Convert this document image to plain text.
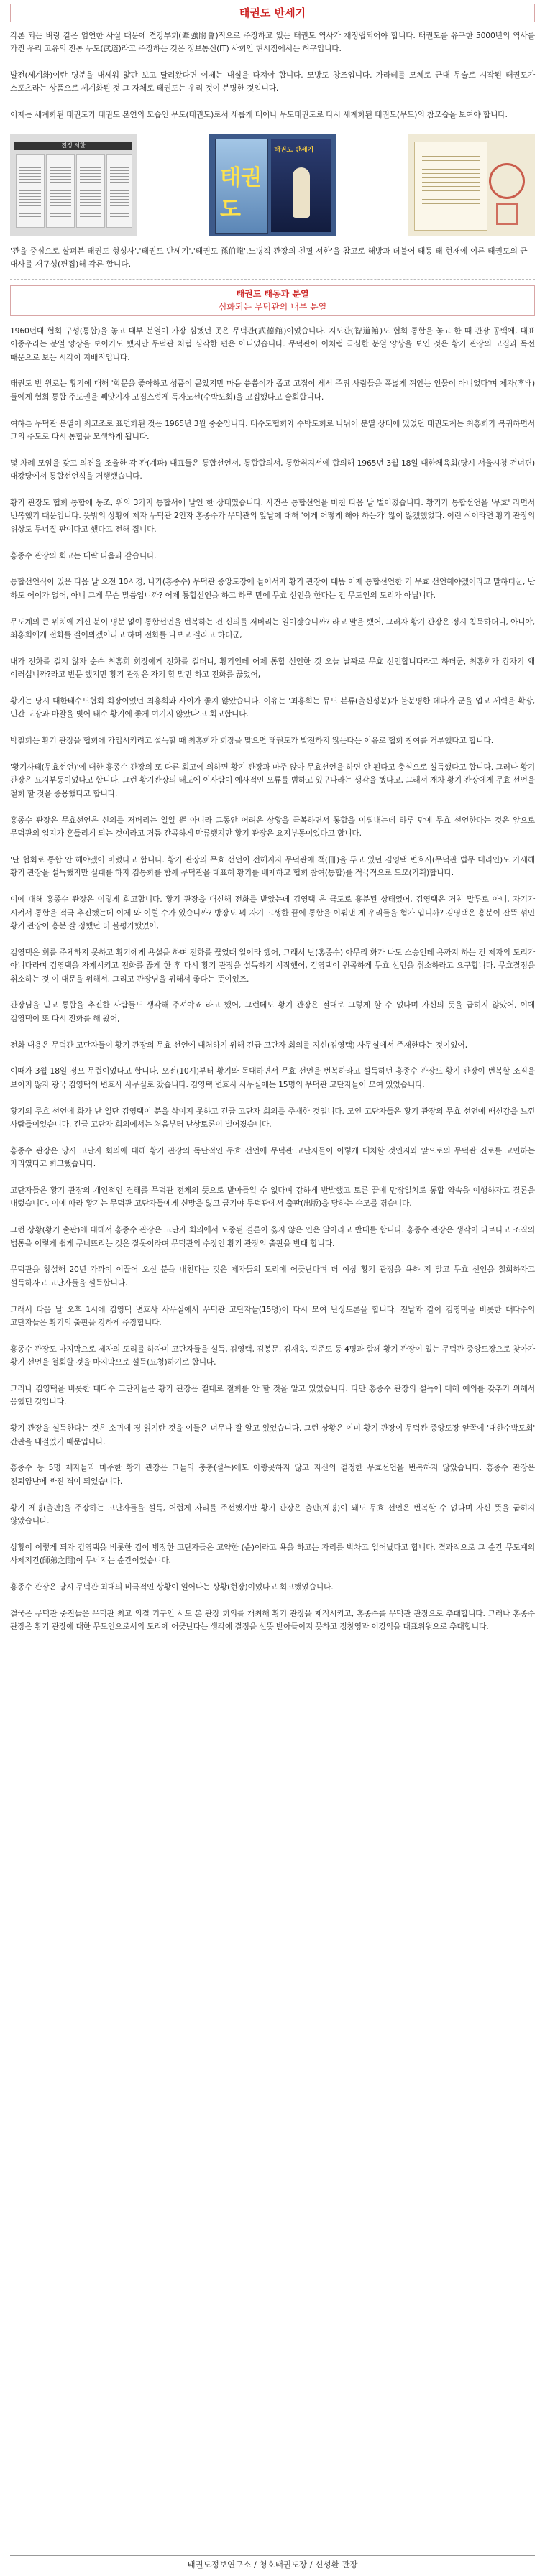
태권도 반세기

각론 되는 벼랑 같은 엄연한 사실 때문에 견강부회(牽強附會)적으로 주장하고 있는 태권도 역사가 재정립되어야 합니다. 태권도를 유구한 5000년의 역사를 가진 우리 고유의 전통 무도(武道)라고 주장하는 것은 정보통신(IT) 사회인 현시점에서는 허구입니다.

발전(세계화)이란 명분을 내세워 얇판 보고 달려왔다면 이제는 내실을 다져야 합니다. 모방도 창조입니다. 가라테를 모체로 근대 무술로 시작된 태권도가 스포츠라는 상품으로 세계화된 것 그 자체로 태권도는 우리 것이 분명한 것입니다.

이제는 세계화된 태권도가 태권도 본연의 모습인 무도(태권도)로서 새롭게 태어나 무도태권도로 다시 세계화된 태권도(무도)의 참모습을 보여야 합니다.

진정 서한
태권도
태권도 반세기

'관을 중심으로 살펴본 태권도 형성사','태권도 반세기','태권도 孫伯龍',노병직 관장의 친필 서한'을 참고로 해방과 더불어 태동 태 현재에 이른 태권도의 근대사를 재구성(편집)해 각론 합니다.

태권도 태동과 분열
심화되는 무덕관의 내부 분열

1960년대 협회 구성(통합)을 놓고 대부 분열이 가장 심했던 곳은 무덕관(武德館)이었습니다. 지도관(智道館)도 협회 통합을 놓고 한 때 관장 공백에, 대표 이종우라는 분열 양상을 보이기도 했지만 무덕관 처럼 심각한 편은 아니었습니다. 무덕관이 이처럼 극심한 분열 양상을 보인 것은 황기 관장의 고집과 독선 때문으로 보는 시각이 지배적입니다.

태권도 반 원로는 황기에 대해 '학문을 좋아하고 성품이 곧았지만 마음 씀씀이가 좁고 고집이 세서 주위 사람들을 폭넓게 껴안는 인물이 아니었다'며 제자(후배)들에게 협회 통합 주도권을 빼앗기자 고집스럽게 독자노선(수박도회)을 고집했다고 술회합니다.

여하튼 무덕관 분열이 최고조로 표면화된 것은 1965년 3월 중순입니다. 태수도협회와 수박도회로 나뉘어 분열 상태에 있었던 태권도계는 최홍희가 복귀하면서 그의 주도로 다시 통합을 모색하게 됩니다.

몇 차례 모임을 갖고 의견을 조율한 각 관(계파) 대표들은 통합선언서, 통합합의서, 통합취지서에 합의해 1965년 3월 18일 대한체육회(당시 서울시청 건너편) 대강당에서 통합선언식을 거행했습니다.

황기 관장도 협회 통합에 동조, 위의 3가지 통합서에 날인 한 상태였습니다. 사건은 통합선언을 마친 다음 날 벌어졌습니다. 황기가 통합선언을 '무효' 라면서 번복했기 때문입니다. 뜻밖의 상황에 제자 무덕관 2인자 홍종수가 무덕관의 앞날에 대해 '이게 어떻게 해야 하는가' 않이 않겠했었다. 이런 식이라면 황기 관장의 위상도 무너질 판이다고 했다고 전해 집니다.

홍종수 관장의 회고는 대략 다음과 같습니다.

통합선언식이 있은 다음 날 오전 10시경, 나가(홍종수) 무덕관 중앙도장에 들어서자 황기 관장이 대뜸 어제 통합선언한 거 무효 선언해야겠어라고 말하더군, 난 하도 어이가 없어, 아니 그게 무슨 말씀입니까? 어제 통합선언을 하고 하루 만에 무효 선언을 한다는 건 무도인의 도리가 아닙니다.

무도계의 큰 위치에 계신 분이 명분 없이 통합선언을 번복하는 건 신의를 저버리는 일이잖습니까? 라고 말을 했어, 그러자 황기 관장은 정시 침묵하더니, 아니야, 최홍희에게 전화를 걸어봐겠어라고 하며 전화를 나보고 걸라고 하더군,

내가 전화를 걸지 않자 순수 최홍희 회장에게 전화를 걸더니, 황기인데 어제 통합 선언한 것 오늘 날짜로 무효 선언합니다라고 하더군, 최홍희가 갑자기 왜 이러십니까?라고 반문 했지만 황기 관장은 자기 할 말만 하고 전화를 끊었어,

황기는 당시 대한태수도협회 회장이었던 최홍희와 사이가 좋지 않았습니다. 이유는 '최홍희는 뮤도 본류(출신성분)가 불분명한 데다가 군을 업고 세력을 확장, 민간 도장과 마찰을 빚어 태수 황기에 좋게 여기지 않았다'고 회고합니다.

박철희는 황기 관장을 협회에 가입시키려고 설득할 때 최홍희가 회장을 맡으면 태권도가 발전하지 않는다는 이유로 협회 참여를 거부했다고 합니다.

'황기사태(무효선언)'에 대한 홍종수 관장의 또 다른 회고에 의하면 황기 관장과 마주 앉아 무효선언을 하면 안 된다고 충심으로 설득했다고 합니다. 그러나 황기 관장은 요지부동이었다고 합니다. 그런 황기관장의 태도에 이사람이 예사적인 오류를 범하고 있구나라는 생각을 했다고, 그래서 재차 황기 관장에게 무효 선언을 철회 할 것을 종용했다고 합니다.

홍종수 관장은 무효선언은 신의를 저버리는 일일 뿐 아니라 그동안 어려운 상황을 극복하면서 통합을 이뤄내는데 하루 만에 무효 선언한다는 것은 앞으로 무덕관의 입지가 흔들리게 되는 것이라고 거듭 간곡하게 만류했지만 황기 관장은 요지부동이었다고 합니다.

'난 협회로 통합 안 해야겠어 버렸다고 합니다. 황기 관장의 무효 선언이 전해지자 무덕관에 책(冊)을 두고 있던 김영택 변호사(무덕관 법무 대리인)도 가세해 황기 관장을 설득했지만 실패를 하자 김통화를 함께 무덕관을 대표해 황기를 배제하고 협회 참여(통합)를 적극적으로 도모(기획)합니다.

이에 대해 홍종수 관장은 이렇게 회고합니다. 황기 관장을 대신해 전화를 받았는데 김영택 은 극도로 흥분된 상태였어, 김영택은 거친 말투로 아니, 자기가 시켜서 통합을 적극 추진했는데 이제 와 이럴 수가 있습니까? 방장도 뭐 자기 고생한 끝에 통합을 이뤄낸 게 우리들을 혐가 입니까? 김영택은 흥분이 잔뜩 섞인 황기 관장이 흥분 잘 정했던 터 불평가했었어,

김영택은 회를 주체하지 못하고 황기에게 욕설을 하며 전화를 끊었때 일이라 했어, 그래서 난(홍종수) 아무리 화가 나도 스승인데 욕까지 하는 건 제자의 도리가 아니다라며 김영택을 자제시키고 전화를 끊게 한 후 다시 황기 관장을 설득하기 시작했어, 김영택이 원곡하게 무효 선언을 취소하라고 요구합니다. 무효결정을 취소하는 것 이 대문을 위해서, 그리고 관장님을 위해서 좋다는 뜻이었죠.

관장님을 믿고 통합을 추진한 사람들도 생각해 주셔야죠 라고 했어, 그런데도 황기 관장은 절대로 그렇게 할 수 없다며 자신의 뜻을 굽히지 않았어, 이에 김영택이 또 다시 전화를 해 왔어,

전화 내용은 무덕관 고단자들이 황기 관장의 무효 선언에 대처하기 위해 긴급 고단자 회의를 지신(김영택) 사무실에서 주재한다는 것이었어,

이때가 3월 18일 정오 무렵이었다고 합니다. 오전(10시)부터 황기와 독대하면서 무효 선언을 번복하라고 설득하던 홍종수 관장도 황기 관장이 번복할 조짐을 보이지 않자 광국 김영택의 변호사 사무실로 갔습니다. 김영택 변호사 사무실에는 15명의 무덕관 고단자들이 모여 있었습니다.

황기의 무효 선언에 화가 난 일단 김영택이 분을 삭이지 못하고 긴급 고단자 회의를 주재한 것입니다. 모인 고단자들은 황기 관장의 무효 선언에 배신감을 느낀 사람들이었습니다. 긴급 고단자 회의에서는 처음부터 난상토론이 벌어졌습니다.

홍종수 관장은 당시 고단자 회의에 대해 황기 관장의 독단적인 무효 선언에 무덕관 고단자들이 이렇게 대처할 것인지와 앞으로의 무덕관 진로를 고민하는 자리였다고 회고했습니다.

고단자들은 황기 관장의 개인적인 견해를 무덕관 전체의 뜻으로 받아들일 수 없다며 강하게 반발했고 토론 끝에 만장일치로 통합 약속을 이행하자고 결론을 내렸습니다. 이에 따라 황기는 무덕관 고단자들에게 신망을 잃고 급기야 무덕관에서 출판(出版)을 당하는 수모를 겪습니다.

그런 상황(황기 출판)에 대해서 홍종수 관장은 고단자 회의에서 도중된 결론이 옳지 않은 인은 알아라고 반대를 합니다. 홍종수 관장은 생각이 다르다고 조직의 법통을 이렇게 쉽게 무너뜨리는 것은 잘못이라며 무덕관의 수장인 황기 관장의 출판을 반대 합니다.

무덕관을 창설해 20년 가까이 이끌어 오신 분을 내친다는 것은 제자들의 도리에 어긋난다며 더 이상 황기 관장을 욕하 지 말고 무효 선언을 철회하자고 설득하자고 고단자들을 설득합니다.

그래서 다음 날 오후 1시에 김영택 변호사 사무실에서 무덕관 고단자들(15명)이 다시 모여 난상토론을 합니다. 전날과 같이 김영택을 비롯한 대다수의 고단자들은 황기의 출판을 강하게 주장합니다.

홍종수 관장도 마지막으로 제자의 도리를 하자며 고단자들을 설득, 김영택, 김봉문, 김재욱, 김준도 등 4명과 함께 황기 관장이 있는 무덕관 중앙도장으로 찾아가 황기 선언을 철회할 것을 마지막으로 설득(요청)하기로 합니다.

그러나 김영택을 비롯한 대다수 고단자들은 황기 관장은 절대로 철회를 안 할 것을 알고 있었습니다. 다만 홍종수 관장의 설득에 대해 예의를 갖추기 위해서 응했던 것입니다.

황기 관장을 설득한다는 것은 소귀에 경 읽기란 것을 이들은 너무나 잘 알고 있었습니다. 그런 상황은 이미 황기 관장이 무덕관 중앙도장 앞쪽에 '대한수박도회' 간판을 내걸었기 때문입니다.

홍종수 등 5명 제자들과 마주한 황기 관장은 그들의 충충(설득)에도 아랑곳하지 않고 자신의 결정한 무효선언을 번복하지 않았습니다. 홍종수 관장은 진퇴양난에 빠진 격이 되었습니다.

황기 제명(출판)을 주장하는 고단자들을 설득, 어렵게 자리를 주선했지만 황기 관장은 출판(제명)이 돼도 무효 선언은 번복할 수 없다며 자신 뜻을 굽히지 않았습니다.

상황이 이렇게 되자 김영택을 비롯한 김이 빙장한 고단자들은 고약한 (순)이라고 욕을 하고는 자리를 박차고 일어났다고 합니다. 결과적으로 그 순간 무도계의 사제지간(師弟之間)이 무너지는 순간이었습니다.

홍종수 관장은 당시 무덕관 최대의 비극적인 상황이 일어나는 상황(현장)이었다고 회고했었습니다.

결국은 무덕관 중진들은 무덕관 최고 의결 기구인 시도 본 관장 회의를 개최해 황기 관장을 제적시키고, 홍종수를 무덕관 관장으로 추대합니다. 그러나 홍종수 관장은 황기 관장에 대한 무도인으로서의 도리에 어긋난다는 생각에 결정을 선뜻 받아들이지 못하고 정창영과 이강익을 대표위원으로 추대합니다.

태권도정보연구소 / 청호태권도장 / 신성환 관장
